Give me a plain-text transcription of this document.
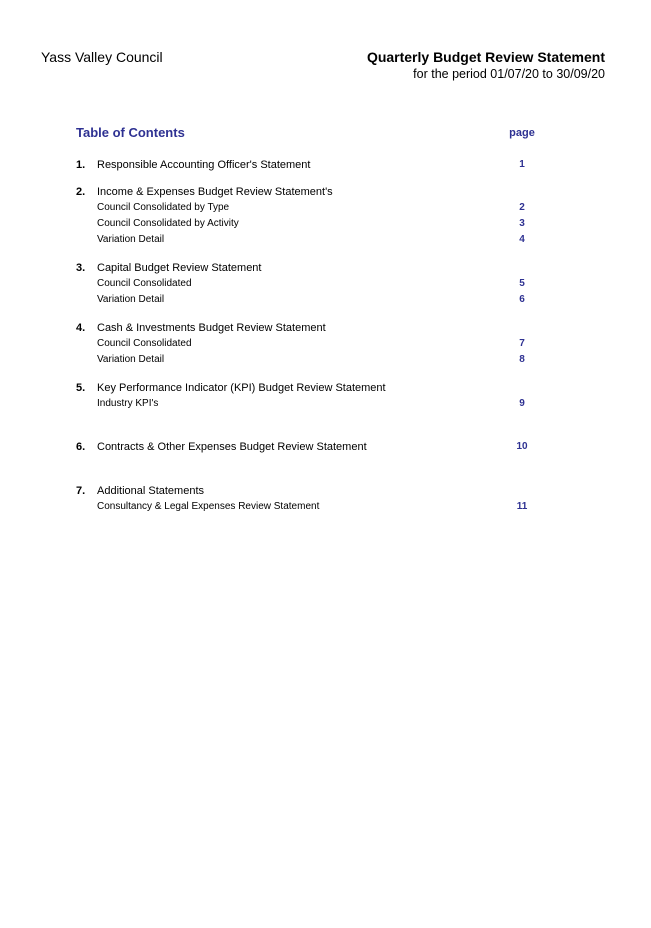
Yass Valley Council	Quarterly Budget Review Statement
for the period 01/07/20 to 30/09/20
Table of Contents	page
1. Responsible Accounting Officer's Statement	1
2. Income & Expenses Budget Review Statement's
Council Consolidated by Type	2
Council Consolidated by Activity	3
Variation Detail	4
3. Capital Budget Review Statement
Council Consolidated	5
Variation Detail	6
4. Cash & Investments Budget Review Statement
Council Consolidated	7
Variation Detail	8
5. Key Performance Indicator (KPI) Budget Review Statement
Industry KPI's	9
6. Contracts & Other Expenses Budget Review Statement	10
7. Additional Statements
Consultancy & Legal Expenses Review Statement	11
